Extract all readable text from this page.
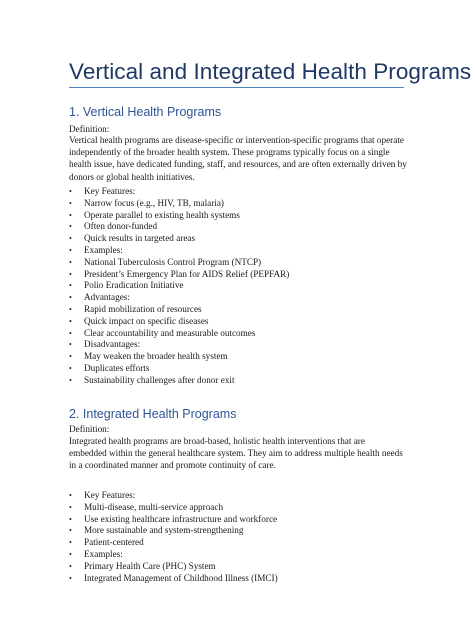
Vertical and Integrated Health Programs
1. Vertical Health Programs
Definition:
Vertical health programs are disease-specific or intervention-specific programs that operate
independently of the broader health system. These programs typically focus on a single
health issue, have dedicated funding, staff, and resources, and are often externally driven by
donors or global health initiatives.
• Key Features:
• Narrow focus (e.g., HIV, TB, malaria)
• Operate parallel to existing health systems
• Often donor-funded
• Quick results in targeted areas
• Examples:
• National Tuberculosis Control Program (NTCP)
• President’s Emergency Plan for AIDS Relief (PEPFAR)
• Polio Eradication Initiative
• Advantages:
• Rapid mobilization of resources
• Quick impact on specific diseases
• Clear accountability and measurable outcomes
• Disadvantages:
• May weaken the broader health system
• Duplicates efforts
• Sustainability challenges after donor exit
2. Integrated Health Programs
Definition:
Integrated health programs are broad-based, holistic health interventions that are
embedded within the general healthcare system. They aim to address multiple health needs
in a coordinated manner and promote continuity of care.
• Key Features:
• Multi-disease, multi-service approach
• Use existing healthcare infrastructure and workforce
• More sustainable and system-strengthening
• Patient-centered
• Examples:
• Primary Health Care (PHC) System
• Integrated Management of Childhood Illness (IMCI)
